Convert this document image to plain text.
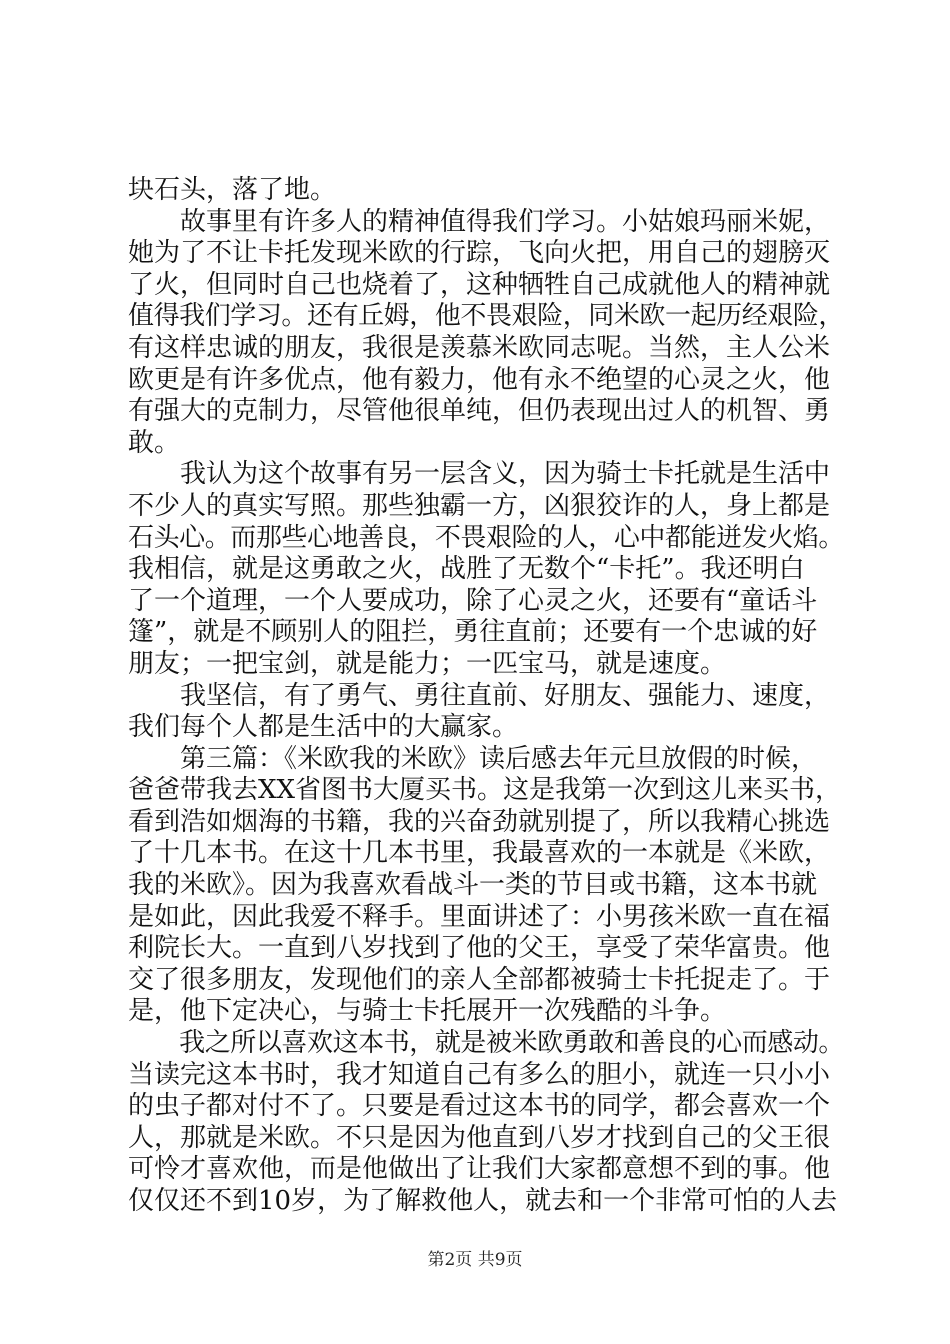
块石头，落了地。
　　故事里有许多人的精神值得我们学习。小姑娘玛丽米妮，
她为了不让卡托发现米欧的行踪，飞向火把，用自己的翅膀灭
了火，但同时自己也烧着了，这种牺牲自己成就他人的精神就
值得我们学习。还有丘姆，他不畏艰险，同米欧一起历经艰险，
有这样忠诚的朋友，我很是羡慕米欧同志呢。当然，主人公米
欧更是有许多优点，他有毅力，他有永不绝望的心灵之火，他
有强大的克制力，尽管他很单纯，但仍表现出过人的机智、勇
敢。
　　我认为这个故事有另一层含义，因为骑士卡托就是生活中
不少人的真实写照。那些独霸一方，凶狠狡诈的人，身上都是
石头心。而那些心地善良，不畏艰险的人，心中都能迸发火焰。
我相信，就是这勇敢之火，战胜了无数个“卡托”。我还明白
了一个道理，一个人要成功，除了心灵之火，还要有“童话斗
篷”，就是不顾别人的阻拦，勇往直前；还要有一个忠诚的好
朋友；一把宝剑，就是能力；一匹宝马，就是速度。
　　我坚信，有了勇气、勇往直前、好朋友、强能力、速度，
我们每个人都是生活中的大赢家。
　　第三篇：《米欧我的米欧》读后感去年元旦放假的时候，
爸爸带我去XX省图书大厦买书。这是我第一次到这儿来买书，
看到浩如烟海的书籍，我的兴奋劲就别提了，所以我精心挑选
了十几本书。在这十几本书里，我最喜欢的一本就是《米欧，
我的米欧》。因为我喜欢看战斗一类的节目或书籍，这本书就
是如此，因此我爱不释手。里面讲述了：小男孩米欧一直在福
利院长大。一直到八岁找到了他的父王，享受了荣华富贵。他
交了很多朋友，发现他们的亲人全部都被骑士卡托捉走了。于
是，他下定决心，与骑士卡托展开一次残酷的斗争。
　　我之所以喜欢这本书，就是被米欧勇敢和善良的心而感动。
当读完这本书时，我才知道自己有多么的胆小，就连一只小小
的虫子都对付不了。只要是看过这本书的同学，都会喜欢一个
人，那就是米欧。不只是因为他直到八岁才找到自己的父王很
可怜才喜欢他，而是他做出了让我们大家都意想不到的事。他
仅仅还不到10岁，为了解救他人，就去和一个非常可怕的人去
第2页 共9页
